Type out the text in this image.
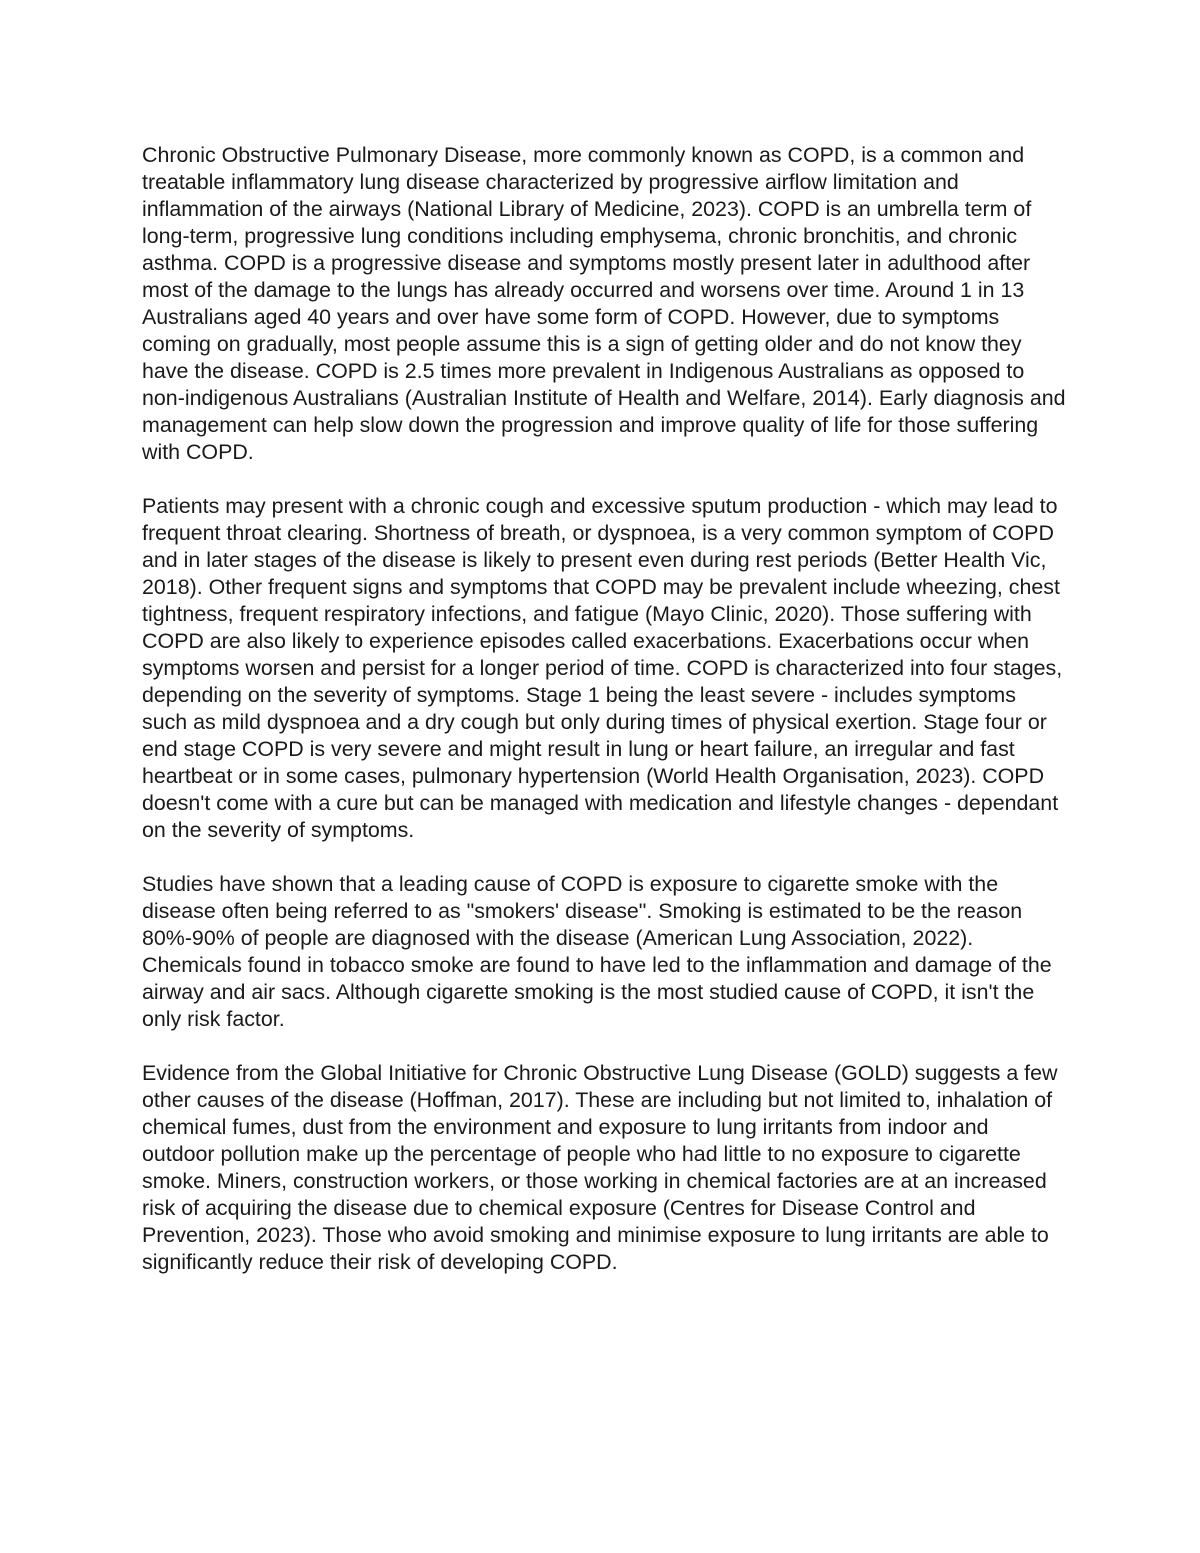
Chronic Obstructive Pulmonary Disease, more commonly known as COPD, is a common and treatable inflammatory lung disease characterized by progressive airflow limitation and inflammation of the airways (National Library of Medicine, 2023). COPD is an umbrella term of long-term, progressive lung conditions including emphysema, chronic bronchitis, and chronic asthma. COPD is a progressive disease and symptoms mostly present later in adulthood after most of the damage to the lungs has already occurred and worsens over time. Around 1 in 13 Australians aged 40 years and over have some form of COPD. However, due to symptoms coming on gradually, most people assume this is a sign of getting older and do not know they have the disease. COPD is 2.5 times more prevalent in Indigenous Australians as opposed to non-indigenous Australians (Australian Institute of Health and Welfare, 2014). Early diagnosis and management can help slow down the progression and improve quality of life for those suffering with COPD.

Patients may present with a chronic cough and excessive sputum production - which may lead to frequent throat clearing. Shortness of breath, or dyspnoea, is a very common symptom of COPD and in later stages of the disease is likely to present even during rest periods (Better Health Vic, 2018). Other frequent signs and symptoms that COPD may be prevalent include wheezing, chest tightness, frequent respiratory infections, and fatigue (Mayo Clinic, 2020). Those suffering with COPD are also likely to experience episodes called exacerbations. Exacerbations occur when symptoms worsen and persist for a longer period of time. COPD is characterized into four stages, depending on the severity of symptoms. Stage 1 being the least severe - includes symptoms such as mild dyspnoea and a dry cough but only during times of physical exertion. Stage four or end stage COPD is very severe and might result in lung or heart failure, an irregular and fast heartbeat or in some cases, pulmonary hypertension (World Health Organisation, 2023). COPD doesn't come with a cure but can be managed with medication and lifestyle changes - dependant on the severity of symptoms.

Studies have shown that a leading cause of COPD is exposure to cigarette smoke with the disease often being referred to as "smokers' disease". Smoking is estimated to be the reason 80%-90% of people are diagnosed with the disease (American Lung Association, 2022). Chemicals found in tobacco smoke are found to have led to the inflammation and damage of the airway and air sacs. Although cigarette smoking is the most studied cause of COPD, it isn't the only risk factor.

Evidence from the Global Initiative for Chronic Obstructive Lung Disease (GOLD) suggests a few other causes of the disease (Hoffman, 2017). These are including but not limited to, inhalation of chemical fumes, dust from the environment and exposure to lung irritants from indoor and outdoor pollution make up the percentage of people who had little to no exposure to cigarette smoke. Miners, construction workers, or those working in chemical factories are at an increased risk of acquiring the disease due to chemical exposure (Centres for Disease Control and Prevention, 2023). Those who avoid smoking and minimise exposure to lung irritants are able to significantly reduce their risk of developing COPD.
